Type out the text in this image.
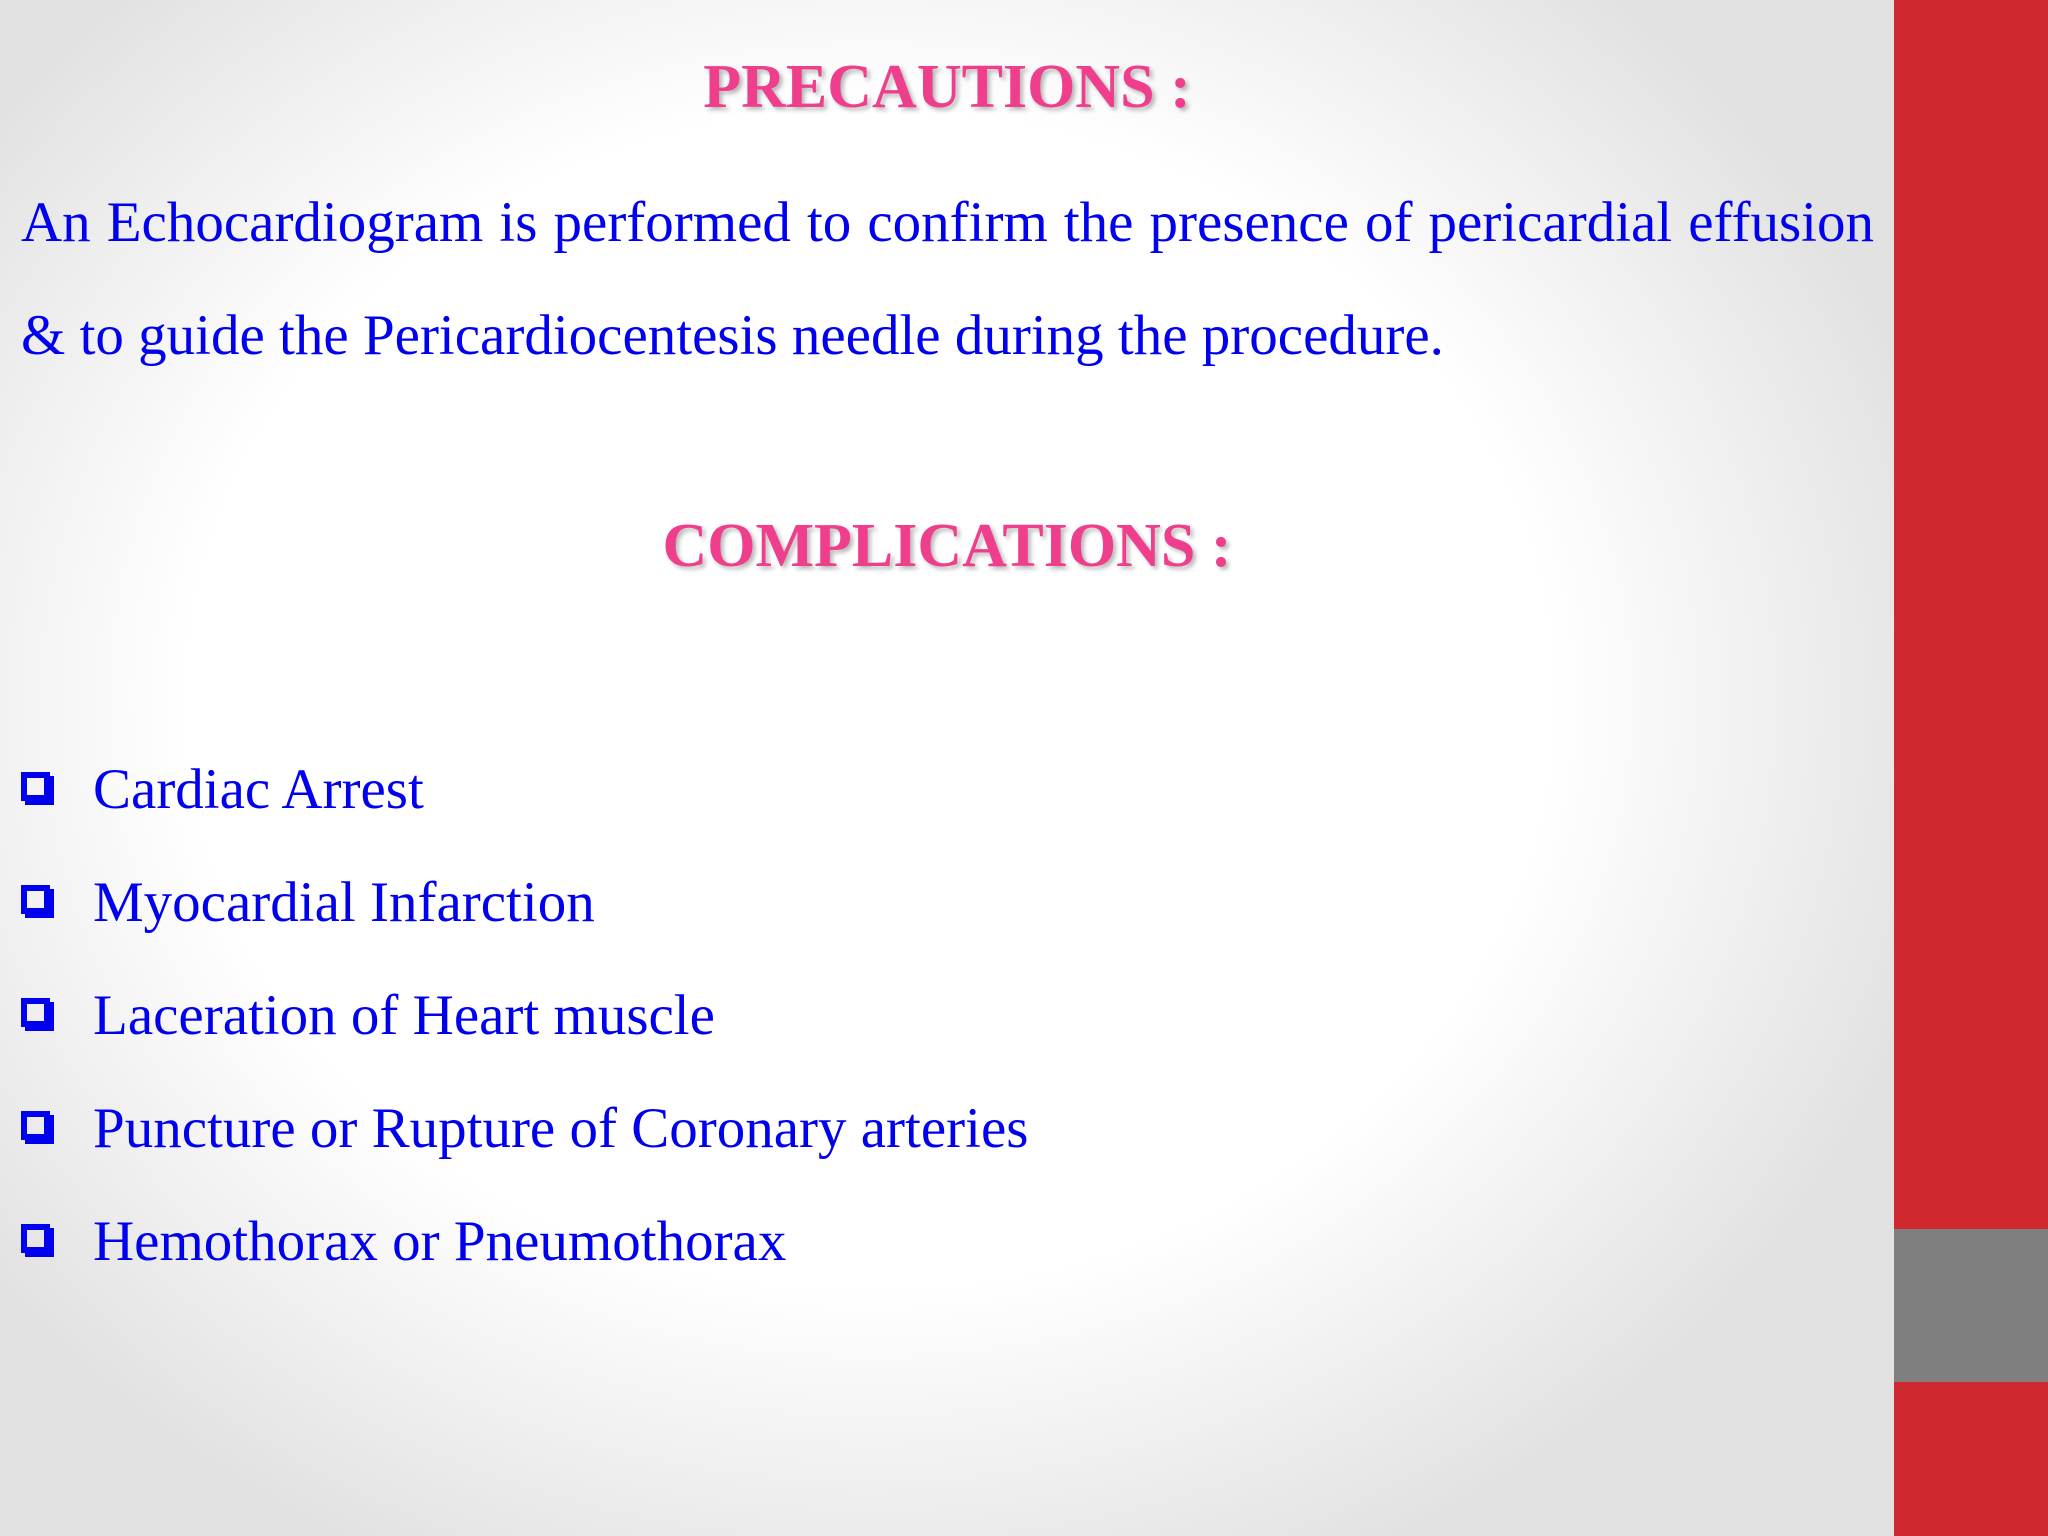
PRECAUTIONS :
An Echocardiogram is performed to confirm the presence of pericardial effusion & to guide the Pericardiocentesis needle during the procedure.
COMPLICATIONS :
Cardiac Arrest
Myocardial Infarction
Laceration of Heart muscle
Puncture or Rupture of Coronary arteries
Hemothorax or Pneumothorax
